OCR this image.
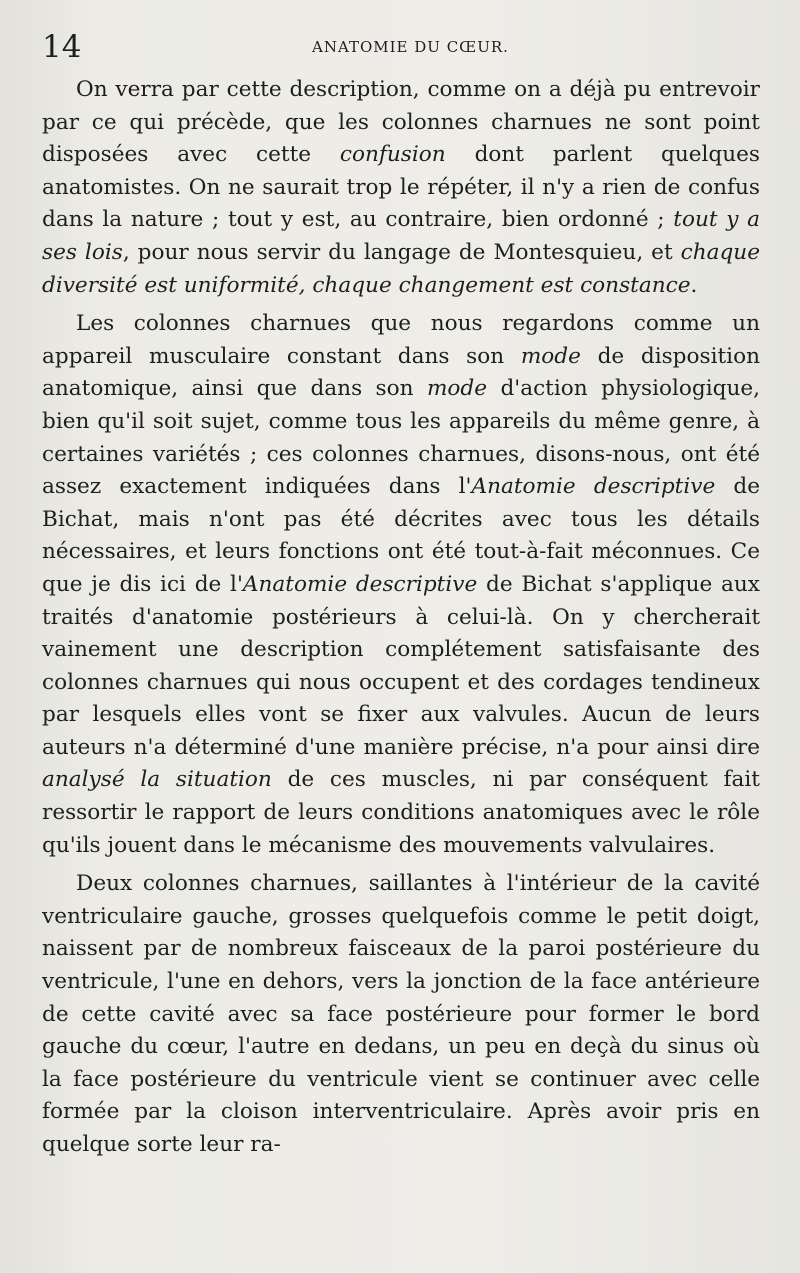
14	ANATOMIE DU CŒUR.

On verra par cette description, comme on a déjà pu entrevoir par ce qui précède, que les colonnes charnues ne sont point disposées avec cette confusion dont parlent quelques anatomistes. On ne saurait trop le répéter, il n'y a rien de confus dans la nature ; tout y est, au contraire, bien ordonné ; tout y a ses lois, pour nous servir du langage de Montesquieu, et chaque diversité est uniformité, chaque changement est constance.

Les colonnes charnues que nous regardons comme un appareil musculaire constant dans son mode de disposition anatomique, ainsi que dans son mode d'action physiologique, bien qu'il soit sujet, comme tous les appareils du même genre, à certaines variétés ; ces colonnes charnues, disons-nous, ont été assez exactement indiquées dans l'Anatomie descriptive de Bichat, mais n'ont pas été décrites avec tous les détails nécessaires, et leurs fonctions ont été tout-à-fait méconnues. Ce que je dis ici de l'Anatomie descriptive de Bichat s'applique aux traités d'anatomie postérieurs à celui-là. On y chercherait vainement une description complétement satisfaisante des colonnes charnues qui nous occupent et des cordages tendineux par lesquels elles vont se fixer aux valvules. Aucun de leurs auteurs n'a déterminé d'une manière précise, n'a pour ainsi dire analysé la situation de ces muscles, ni par conséquent fait ressortir le rapport de leurs conditions anatomiques avec le rôle qu'ils jouent dans le mécanisme des mouvements valvulaires.

Deux colonnes charnues, saillantes à l'intérieur de la cavité ventriculaire gauche, grosses quelquefois comme le petit doigt, naissent par de nombreux faisceaux de la paroi postérieure du ventricule, l'une en dehors, vers la jonction de la face antérieure de cette cavité avec sa face postérieure pour former le bord gauche du cœur, l'autre en dedans, un peu en deçà du sinus où la face postérieure du ventricule vient se continuer avec celle formée par la cloison interventriculaire. Après avoir pris en quelque sorte leur ra-
